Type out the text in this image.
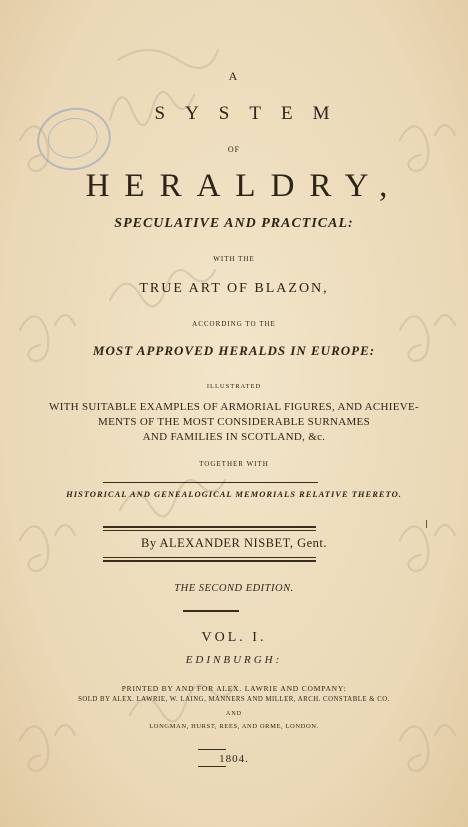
A
SYSTEM
OF
HERALDRY,
SPECULATIVE AND PRACTICAL:
WITH THE
TRUE ART OF BLAZON,
ACCORDING TO THE
MOST APPROVED HERALDS IN EUROPE:
ILLUSTRATED
WITH SUITABLE EXAMPLES OF ARMORIAL FIGURES, AND ACHIEVE-
MENTS OF THE MOST CONSIDERABLE SURNAMES
AND FAMILIES IN SCOTLAND, &c.
TOGETHER WITH
HISTORICAL AND GENEALOGICAL MEMORIALS RELATIVE THERETO.
By ALEXANDER NISBET, Gent.
THE SECOND EDITION.
VOL. I.
EDINBURGH:
PRINTED BY AND FOR ALEX. LAWRIE AND COMPANY:
SOLD BY ALEX. LAWRIE, W. LAING, MANNERS AND MILLER, ARCH. CONSTABLE & CO.
AND
LONGMAN, HURST, REES, AND ORME, LONDON.
1804.
